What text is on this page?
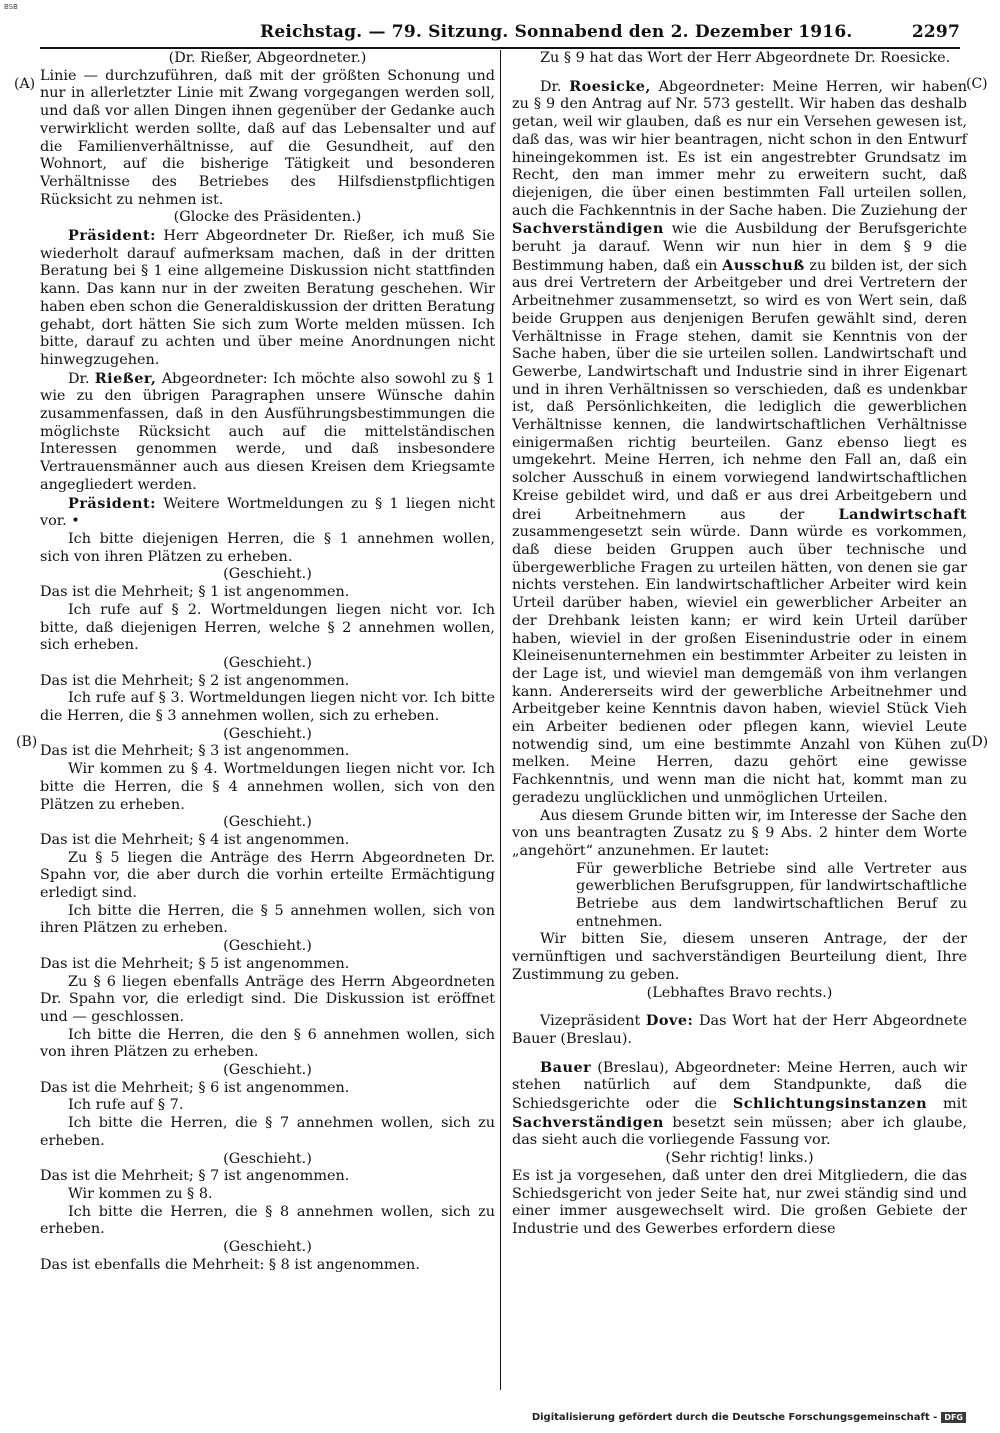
BSB
Reichstag. — 79. Sitzung. Sonnabend den 2. Dezember 1916.	2297
(A)
(B)
(C)
(D)

(Dr. Rießer, Abgeordneter.)

Linie — durchzuführen, daß mit der größten Schonung und nur in allerletzter Linie mit Zwang vorgegangen werden soll, und daß vor allen Dingen ihnen gegenüber der Gedanke auch verwirklicht werden sollte, daß auf das Lebensalter und auf die Familienverhältnisse, auf die Gesundheit, auf den Wohnort, auf die bisherige Tätigkeit und besonderen Verhältnisse des Betriebes des Hilfsdienstpflichtigen Rücksicht zu nehmen ist.

(Glocke des Präsidenten.)

Präsident: Herr Abgeordneter Dr. Rießer, ich muß Sie wiederholt darauf aufmerksam machen, daß in der dritten Beratung bei § 1 eine allgemeine Diskussion nicht stattfinden kann. Das kann nur in der zweiten Beratung geschehen. Wir haben eben schon die Generaldiskussion der dritten Beratung gehabt, dort hätten Sie sich zum Worte melden müssen. Ich bitte, darauf zu achten und über meine Anordnungen nicht hinwegzugehen.

Dr. Rießer, Abgeordneter: Ich möchte also sowohl zu § 1 wie zu den übrigen Paragraphen unsere Wünsche dahin zusammenfassen, daß in den Ausführungsbestimmungen die möglichste Rücksicht auch auf die mittelständischen Interessen genommen werde, und daß insbesondere Vertrauensmänner auch aus diesen Kreisen dem Kriegsamte angegliedert werden.

Präsident: Weitere Wortmeldungen zu § 1 liegen nicht vor. •

Ich bitte diejenigen Herren, die § 1 annehmen wollen, sich von ihren Plätzen zu erheben.

(Geschieht.)

Das ist die Mehrheit; § 1 ist angenommen.

Ich rufe auf § 2. Wortmeldungen liegen nicht vor. Ich bitte, daß diejenigen Herren, welche § 2 annehmen wollen, sich erheben.

(Geschieht.)

Das ist die Mehrheit; § 2 ist angenommen.

Ich rufe auf § 3. Wortmeldungen liegen nicht vor. Ich bitte die Herren, die § 3 annehmen wollen, sich zu erheben.

(Geschieht.)

Das ist die Mehrheit; § 3 ist angenommen.

Wir kommen zu § 4. Wortmeldungen liegen nicht vor. Ich bitte die Herren, die § 4 annehmen wollen, sich von den Plätzen zu erheben.

(Geschieht.)

Das ist die Mehrheit; § 4 ist angenommen.

Zu § 5 liegen die Anträge des Herrn Abgeordneten Dr. Spahn vor, die aber durch die vorhin erteilte Ermächtigung erledigt sind.

Ich bitte die Herren, die § 5 annehmen wollen, sich von ihren Plätzen zu erheben.

(Geschieht.)

Das ist die Mehrheit; § 5 ist angenommen.

Zu § 6 liegen ebenfalls Anträge des Herrn Abgeordneten Dr. Spahn vor, die erledigt sind. Die Diskussion ist eröffnet und — geschlossen.

Ich bitte die Herren, die den § 6 annehmen wollen, sich von ihren Plätzen zu erheben.

(Geschieht.)

Das ist die Mehrheit; § 6 ist angenommen.

Ich rufe auf § 7.

Ich bitte die Herren, die § 7 annehmen wollen, sich zu erheben.

(Geschieht.)

Das ist die Mehrheit; § 7 ist angenommen.

Wir kommen zu § 8.

Ich bitte die Herren, die § 8 annehmen wollen, sich zu erheben.

(Geschieht.)

Das ist ebenfalls die Mehrheit: § 8 ist angenommen.

Zu § 9 hat das Wort der Herr Abgeordnete Dr. Roesicke.

Dr. Roesicke, Abgeordneter: Meine Herren, wir haben zu § 9 den Antrag auf Nr. 573 gestellt. Wir haben das deshalb getan, weil wir glauben, daß es nur ein Versehen gewesen ist, daß das, was wir hier beantragen, nicht schon in den Entwurf hineingekommen ist. Es ist ein angestrebter Grundsatz im Recht, den man immer mehr zu erweitern sucht, daß diejenigen, die über einen bestimmten Fall urteilen sollen, auch die Fachkenntnis in der Sache haben. Die Zuziehung der Sachverständigen wie die Ausbildung der Berufsgerichte beruht ja darauf. Wenn wir nun hier in dem § 9 die Bestimmung haben, daß ein Ausschuß zu bilden ist, der sich aus drei Vertretern der Arbeitgeber und drei Vertretern der Arbeitnehmer zusammensetzt, so wird es von Wert sein, daß beide Gruppen aus denjenigen Berufen gewählt sind, deren Verhältnisse in Frage stehen, damit sie Kenntnis von der Sache haben, über die sie urteilen sollen. Landwirtschaft und Gewerbe, Landwirtschaft und Industrie sind in ihrer Eigenart und in ihren Verhältnissen so verschieden, daß es undenkbar ist, daß Persönlichkeiten, die lediglich die gewerblichen Verhältnisse kennen, die landwirtschaftlichen Verhältnisse einigermaßen richtig beurteilen. Ganz ebenso liegt es umgekehrt. Meine Herren, ich nehme den Fall an, daß ein solcher Ausschuß in einem vorwiegend landwirtschaftlichen Kreise gebildet wird, und daß er aus drei Arbeitgebern und drei Arbeitnehmern aus der Landwirtschaft zusammengesetzt sein würde. Dann würde es vorkommen, daß diese beiden Gruppen auch über technische und übergewerbliche Fragen zu urteilen hätten, von denen sie gar nichts verstehen. Ein landwirtschaftlicher Arbeiter wird kein Urteil darüber haben, wieviel ein gewerblicher Arbeiter an der Drehbank leisten kann; er wird kein Urteil darüber haben, wieviel in der großen Eisenindustrie oder in einem Kleineisenunternehmen ein bestimmter Arbeiter zu leisten in der Lage ist, und wieviel man demgemäß von ihm verlangen kann. Andererseits wird der gewerbliche Arbeitnehmer und Arbeitgeber keine Kenntnis davon haben, wieviel Stück Vieh ein Arbeiter bedienen oder pflegen kann, wieviel Leute notwendig sind, um eine bestimmte Anzahl von Kühen zu melken. Meine Herren, dazu gehört eine gewisse Fachkenntnis, und wenn man die nicht hat, kommt man zu geradezu unglücklichen und unmöglichen Urteilen.

Aus diesem Grunde bitten wir, im Interesse der Sache den von uns beantragten Zusatz zu § 9 Abs. 2 hinter dem Worte „angehört“ anzunehmen. Er lautet:

Für gewerbliche Betriebe sind alle Vertreter aus gewerblichen Berufsgruppen, für landwirtschaftliche Betriebe aus dem landwirtschaftlichen Beruf zu entnehmen.

Wir bitten Sie, diesem unseren Antrage, der der vernünftigen und sachverständigen Beurteilung dient, Ihre Zustimmung zu geben.

(Lebhaftes Bravo rechts.)

Vizepräsident Dove: Das Wort hat der Herr Abgeordnete Bauer (Breslau).

Bauer (Breslau), Abgeordneter: Meine Herren, auch wir stehen natürlich auf dem Standpunkte, daß die Schiedsgerichte oder die Schlichtungsinstanzen mit Sachverständigen besetzt sein müssen; aber ich glaube, das sieht auch die vorliegende Fassung vor.

(Sehr richtig! links.)

Es ist ja vorgesehen, daß unter den drei Mitgliedern, die das Schiedsgericht von jeder Seite hat, nur zwei ständig sind und einer immer ausgewechselt wird. Die großen Gebiete der Industrie und des Gewerbes erfordern diese

Digitalisierung gefördert durch die Deutsche Forschungsgemeinschaft - DFG
